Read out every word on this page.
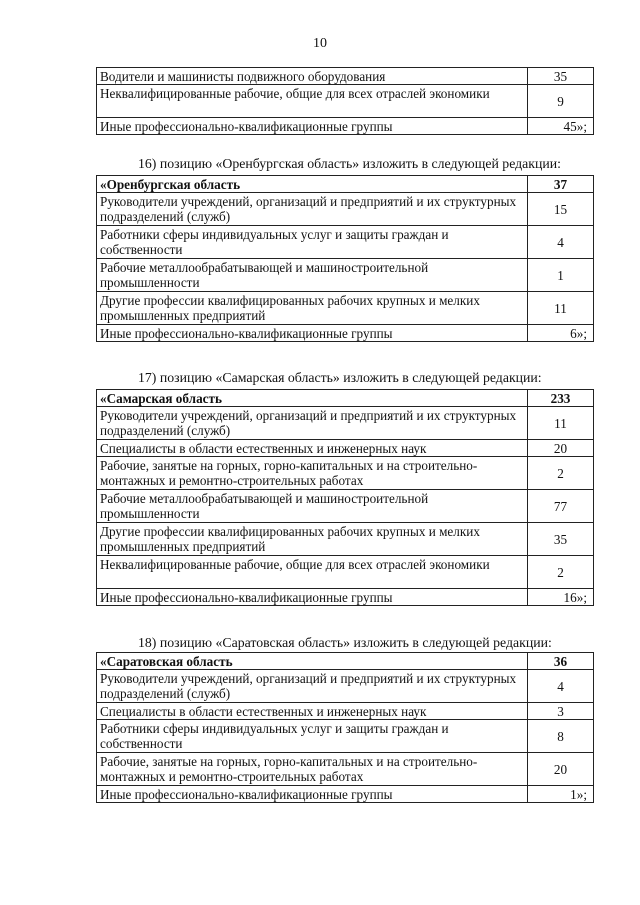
10
Водители и машинисты подвижного оборудования	35
Неквалифицированные рабочие, общие для всех отраслей экономики	9
Иные профессионально-квалификационные группы	45»;
16) позицию «Оренбургская область» изложить в следующей редакции:
«Оренбургская область	37
Руководители учреждений, организаций и предприятий и их структурных подразделений (служб)	15
Работники сферы индивидуальных услуг и защиты граждан и собственности	4
Рабочие металлообрабатывающей и машиностроительной промышленности	1
Другие профессии квалифицированных рабочих крупных и мелких промышленных предприятий	11
Иные профессионально-квалификационные группы	6»;
17) позицию «Самарская область» изложить в следующей редакции:
«Самарская область	233
Руководители учреждений, организаций и предприятий и их структурных подразделений (служб)	11
Специалисты в области естественных и инженерных наук	20
Рабочие, занятые на горных, горно-капитальных и на строительно-монтажных и ремонтно-строительных работах	2
Рабочие металлообрабатывающей и машиностроительной промышленности	77
Другие профессии квалифицированных рабочих крупных и мелких промышленных предприятий	35
Неквалифицированные рабочие, общие для всех отраслей экономики	2
Иные профессионально-квалификационные группы	16»;
18) позицию «Саратовская область» изложить в следующей редакции:
«Саратовская область	36
Руководители учреждений, организаций и предприятий и их структурных подразделений (служб)	4
Специалисты в области естественных и инженерных наук	3
Работники сферы индивидуальных услуг и защиты граждан и собственности	8
Рабочие, занятые на горных, горно-капитальных и на строительно-монтажных и ремонтно-строительных работах	20
Иные профессионально-квалификационные группы	1»;
